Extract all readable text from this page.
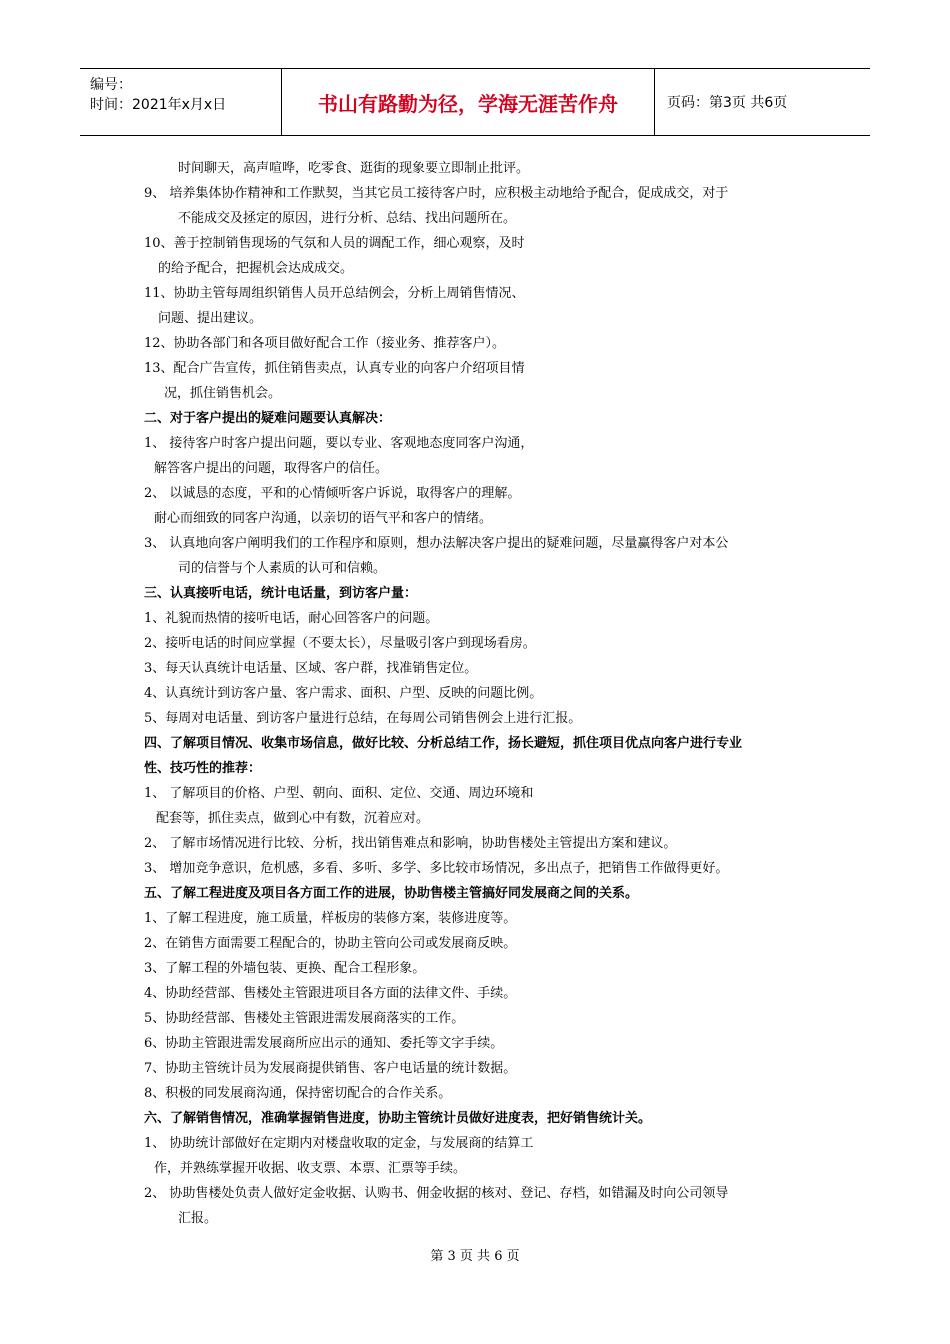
编号：
时间：2021年x月x日	书山有路勤为径，学海无涯苦作舟	页码：第3页 共6页
时间聊天，高声喧哗，吃零食、逛街的现象要立即制止批评。
9、 培养集体协作精神和工作默契，当其它员工接待客户时，应积极主动地给予配合，促成成交，对于
不能成交及拯定的原因，进行分析、总结、找出问题所在。
10、善于控制销售现场的气氛和人员的调配工作，细心观察，及时
的给予配合，把握机会达成成交。
11、协助主管每周组织销售人员开总结例会，分析上周销售情况、
问题、提出建议。
12、协助各部门和各项目做好配合工作（接业务、推荐客户）。
13、配合广告宣传，抓住销售卖点，认真专业的向客户介绍项目情
况，抓住销售机会。
二、对于客户提出的疑难问题要认真解决：
1、 接待客户时客户提出问题，要以专业、客观地态度同客户沟通，
解答客户提出的问题，取得客户的信任。
2、 以诚恳的态度，平和的心情倾听客户诉说，取得客户的理解。
耐心而细致的同客户沟通，以亲切的语气平和客户的情绪。
3、 认真地向客户阐明我们的工作程序和原则，想办法解决客户提出的疑难问题，尽量赢得客户对本公
司的信誉与个人素质的认可和信赖。
三、认真接听电话，统计电话量，到访客户量：
1、礼貌而热情的接听电话，耐心回答客户的问题。
2、接听电话的时间应掌握（不要太长），尽量吸引客户到现场看房。
3、每天认真统计电话量、区域、客户群，找准销售定位。
4、认真统计到访客户量、客户需求、面积、户型、反映的问题比例。
5、每周对电话量、到访客户量进行总结，在每周公司销售例会上进行汇报。
四、了解项目情况、收集市场信息，做好比较、分析总结工作，扬长避短，抓住项目优点向客户进行专业
性、技巧性的推荐：
1、 了解项目的价格、户型、朝向、面积、定位、交通、周边环境和
配套等，抓住卖点，做到心中有数，沉着应对。
2、 了解市场情况进行比较、分析，找出销售难点和影响，协助售楼处主管提出方案和建议。
3、 增加竞争意识，危机感，多看、多听、多学、多比较市场情况，多出点子，把销售工作做得更好。
五、了解工程进度及项目各方面工作的进展，协助售楼主管搞好同发展商之间的关系。
1、了解工程进度，施工质量，样板房的装修方案，装修进度等。
2、在销售方面需要工程配合的，协助主管向公司或发展商反映。
3、了解工程的外墙包装、更换、配合工程形象。
4、协助经营部、售楼处主管跟进项目各方面的法律文件、手续。
5、协助经营部、售楼处主管跟进需发展商落实的工作。
6、协助主管跟进需发展商所应出示的通知、委托等文字手续。
7、协助主管统计员为发展商提供销售、客户电话量的统计数据。
8、积极的同发展商沟通，保持密切配合的合作关系。
六、了解销售情况，准确掌握销售进度，协助主管统计员做好进度表，把好销售统计关。
1、 协助统计部做好在定期内对楼盘收取的定金，与发展商的结算工
作，并熟练掌握开收据、收支票、本票、汇票等手续。
2、 协助售楼处负责人做好定金收据、认购书、佣金收据的核对、登记、存档，如错漏及时向公司领导
汇报。
第 3 页 共 6 页
